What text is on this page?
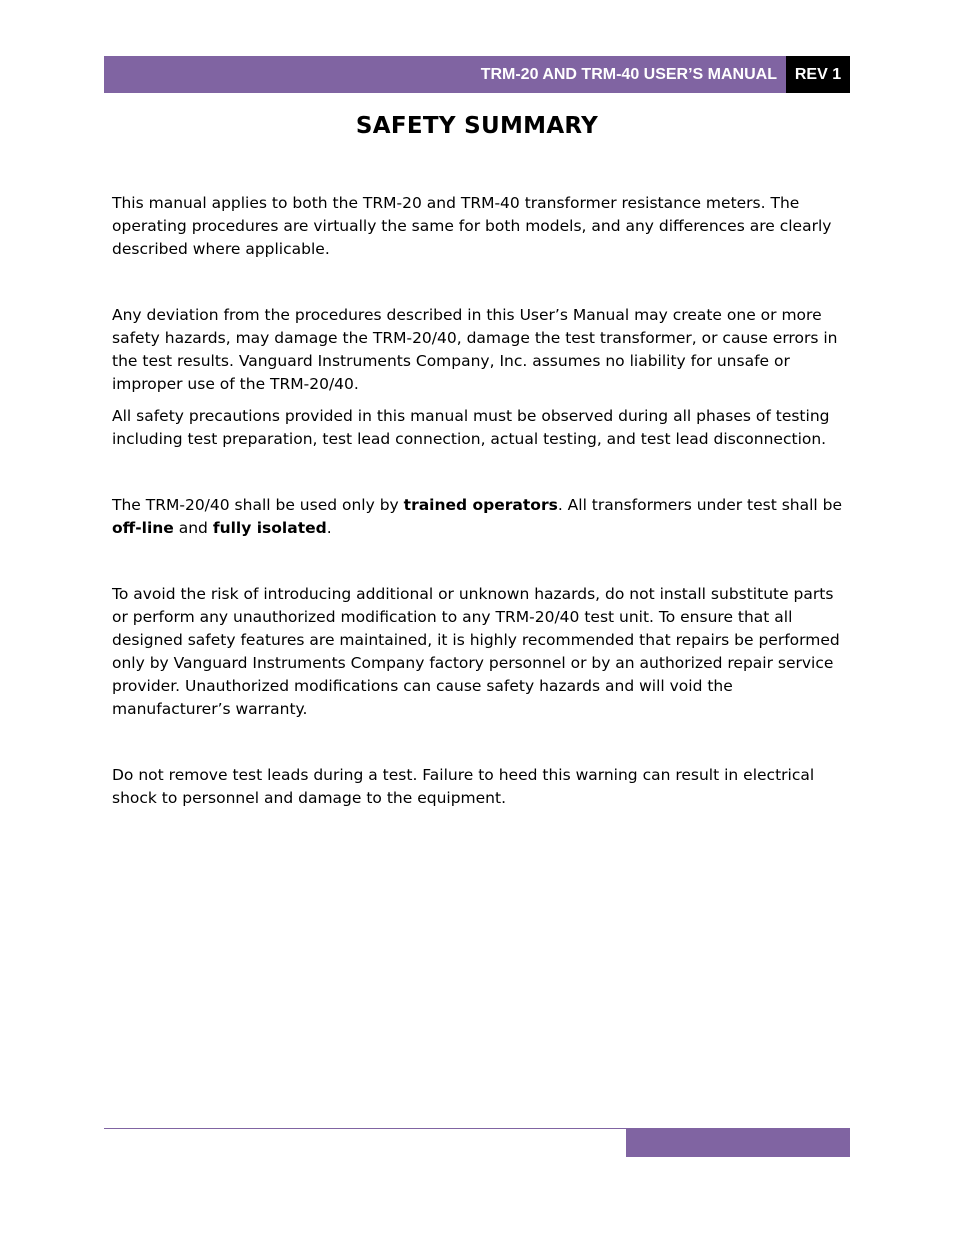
TRM-20 AND TRM-40 USER’S MANUAL	REV 1
SAFETY SUMMARY

This manual applies to both the TRM-20 and TRM-40 transformer resistance meters. The operating procedures are virtually the same for both models, and any differences are clearly described where applicable.

Any deviation from the procedures described in this User’s Manual may create one or more safety hazards, may damage the TRM-20/40, damage the test transformer, or cause errors in the test results. Vanguard Instruments Company, Inc. assumes no liability for unsafe or improper use of the TRM-20/40.

All safety precautions provided in this manual must be observed during all phases of testing including test preparation, test lead connection, actual testing, and test lead disconnection.

The TRM-20/40 shall be used only by trained operators. All transformers under test shall be off-line and fully isolated.

To avoid the risk of introducing additional or unknown hazards, do not install substitute parts or perform any unauthorized modification to any TRM-20/40 test unit. To ensure that all designed safety features are maintained, it is highly recommended that repairs be performed only by Vanguard Instruments Company factory personnel or by an authorized repair service provider. Unauthorized modifications can cause safety hazards and will void the manufacturer’s warranty.

Do not remove test leads during a test. Failure to heed this warning can result in electrical shock to personnel and damage to the equipment.
